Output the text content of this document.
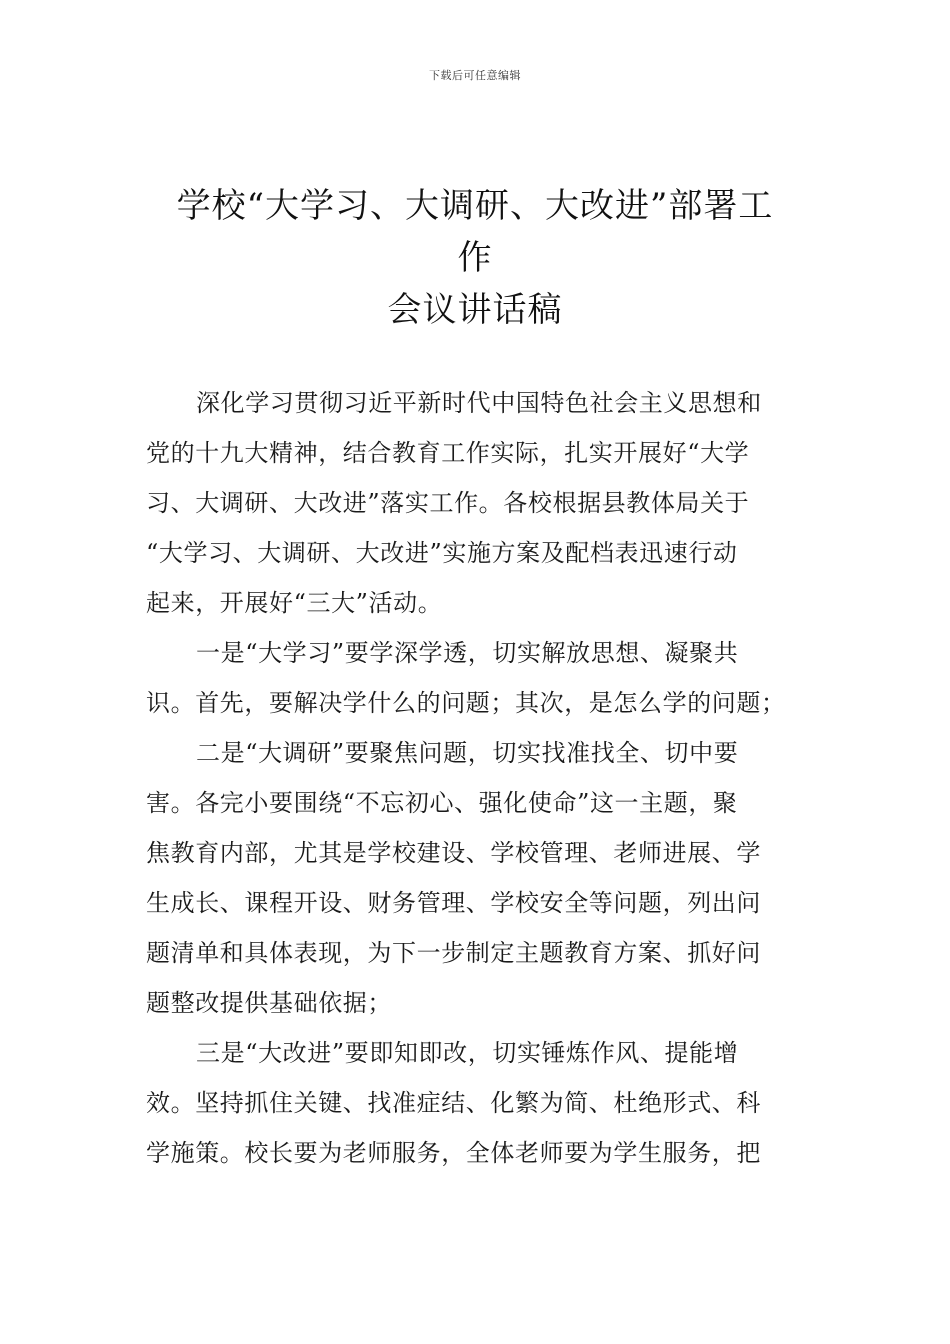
下载后可任意编辑
学校“大学习、大调研、大改进”部署工
作
会议讲话稿
深化学习贯彻习近平新时代中国特色社会主义思想和
党的十九大精神，结合教育工作实际，扎实开展好“大学
习、大调研、大改进”落实工作。各校根据县教体局关于
“大学习、大调研、大改进”实施方案及配档表迅速行动
起来，开展好“三大”活动。
一是“大学习”要学深学透，切实解放思想、凝聚共
识。首先，要解决学什么的问题；其次，是怎么学的问题；
二是“大调研”要聚焦问题，切实找准找全、切中要
害。各完小要围绕“不忘初心、强化使命”这一主题，聚
焦教育内部，尤其是学校建设、学校管理、老师进展、学
生成长、课程开设、财务管理、学校安全等问题，列出问
题清单和具体表现，为下一步制定主题教育方案、抓好问
题整改提供基础依据；
三是“大改进”要即知即改，切实锤炼作风、提能增
效。坚持抓住关键、找准症结、化繁为简、杜绝形式、科
学施策。校长要为老师服务，全体老师要为学生服务，把
